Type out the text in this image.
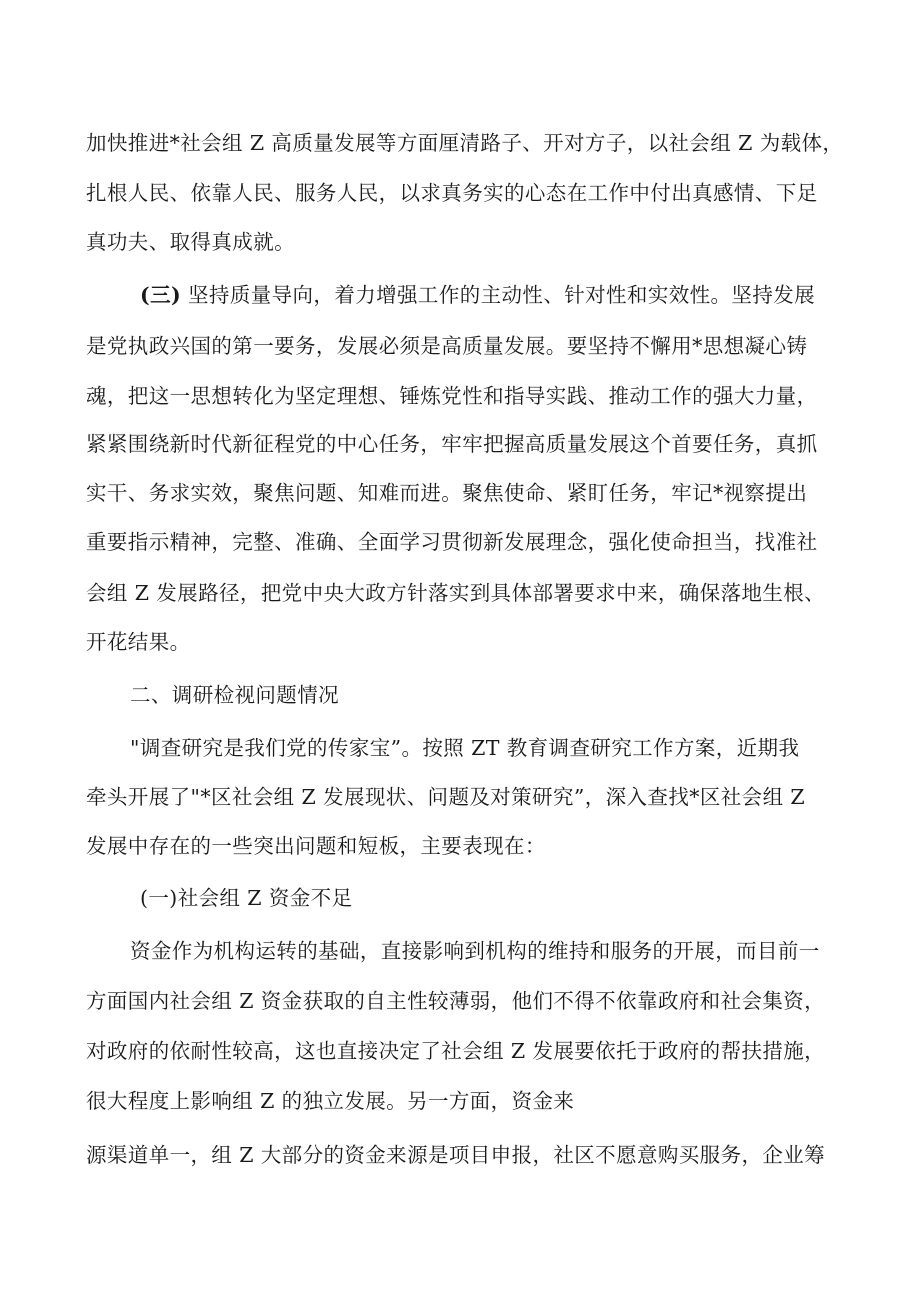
加快推进*社会组 Z 高质量发展等方面厘清路子、开对方子，以社会组 Z 为载体，
扎根人民、依靠人民、服务人民，以求真务实的心态在工作中付出真感情、下足
真功夫、取得真成就。
(三) 坚持质量导向，着力增强工作的主动性、针对性和实效性。坚持发展
是党执政兴国的第一要务，发展必须是高质量发展。要坚持不懈用*思想凝心铸
魂，把这一思想转化为坚定理想、锤炼党性和指导实践、推动工作的强大力量，
紧紧围绕新时代新征程党的中心任务，牢牢把握高质量发展这个首要任务，真抓
实干、务求实效，聚焦问题、知难而进。聚焦使命、紧盯任务，牢记*视察提出
重要指示精神，完整、准确、全面学习贯彻新发展理念，强化使命担当，找准社
会组 Z 发展路径，把党中央大政方针落实到具体部署要求中来，确保落地生根、
开花结果。
二、调研检视问题情况
"调查研究是我们党的传家宝”。按照 ZT 教育调查研究工作方案，近期我
牵头开展了"*区社会组 Z 发展现状、问题及对策研究”，深入查找*区社会组 Z
发展中存在的一些突出问题和短板，主要表现在：
(一)社会组 Z 资金不足
资金作为机构运转的基础，直接影响到机构的维持和服务的开展，而目前一
方面国内社会组 Z 资金获取的自主性较薄弱，他们不得不依靠政府和社会集资，
对政府的依耐性较高，这也直接决定了社会组 Z 发展要依托于政府的帮扶措施，
很大程度上影响组 Z 的独立发展。另一方面，资金来
源渠道单一，组 Z 大部分的资金来源是项目申报，社区不愿意购买服务，企业筹
